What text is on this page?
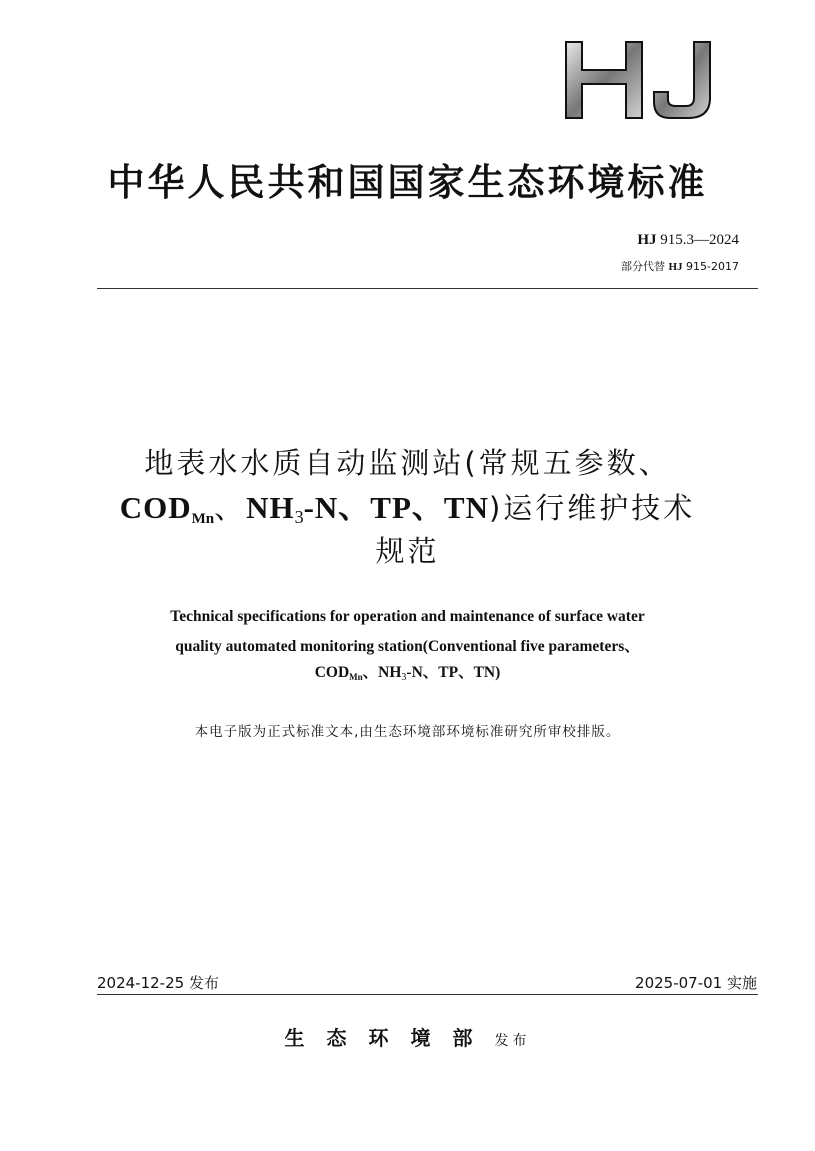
中华人民共和国国家生态环境标准
HJ 915.3—2024
部分代替 HJ 915-2017
地表水水质自动监测站(常规五参数、
$COD_{Mn}$、NH3-N、TP、TN)运行维护技术
规范
Technical specifications for operation and maintenance of surface water
quality automated monitoring station(Conventional five parameters、
$COD_{Mn}$、NH3-N、TP、TN)
本电子版为正式标准文本,由生态环境部环境标准研究所审校排版。
2024-12-25 发布	2025-07-01 实施
生态环境部发布
